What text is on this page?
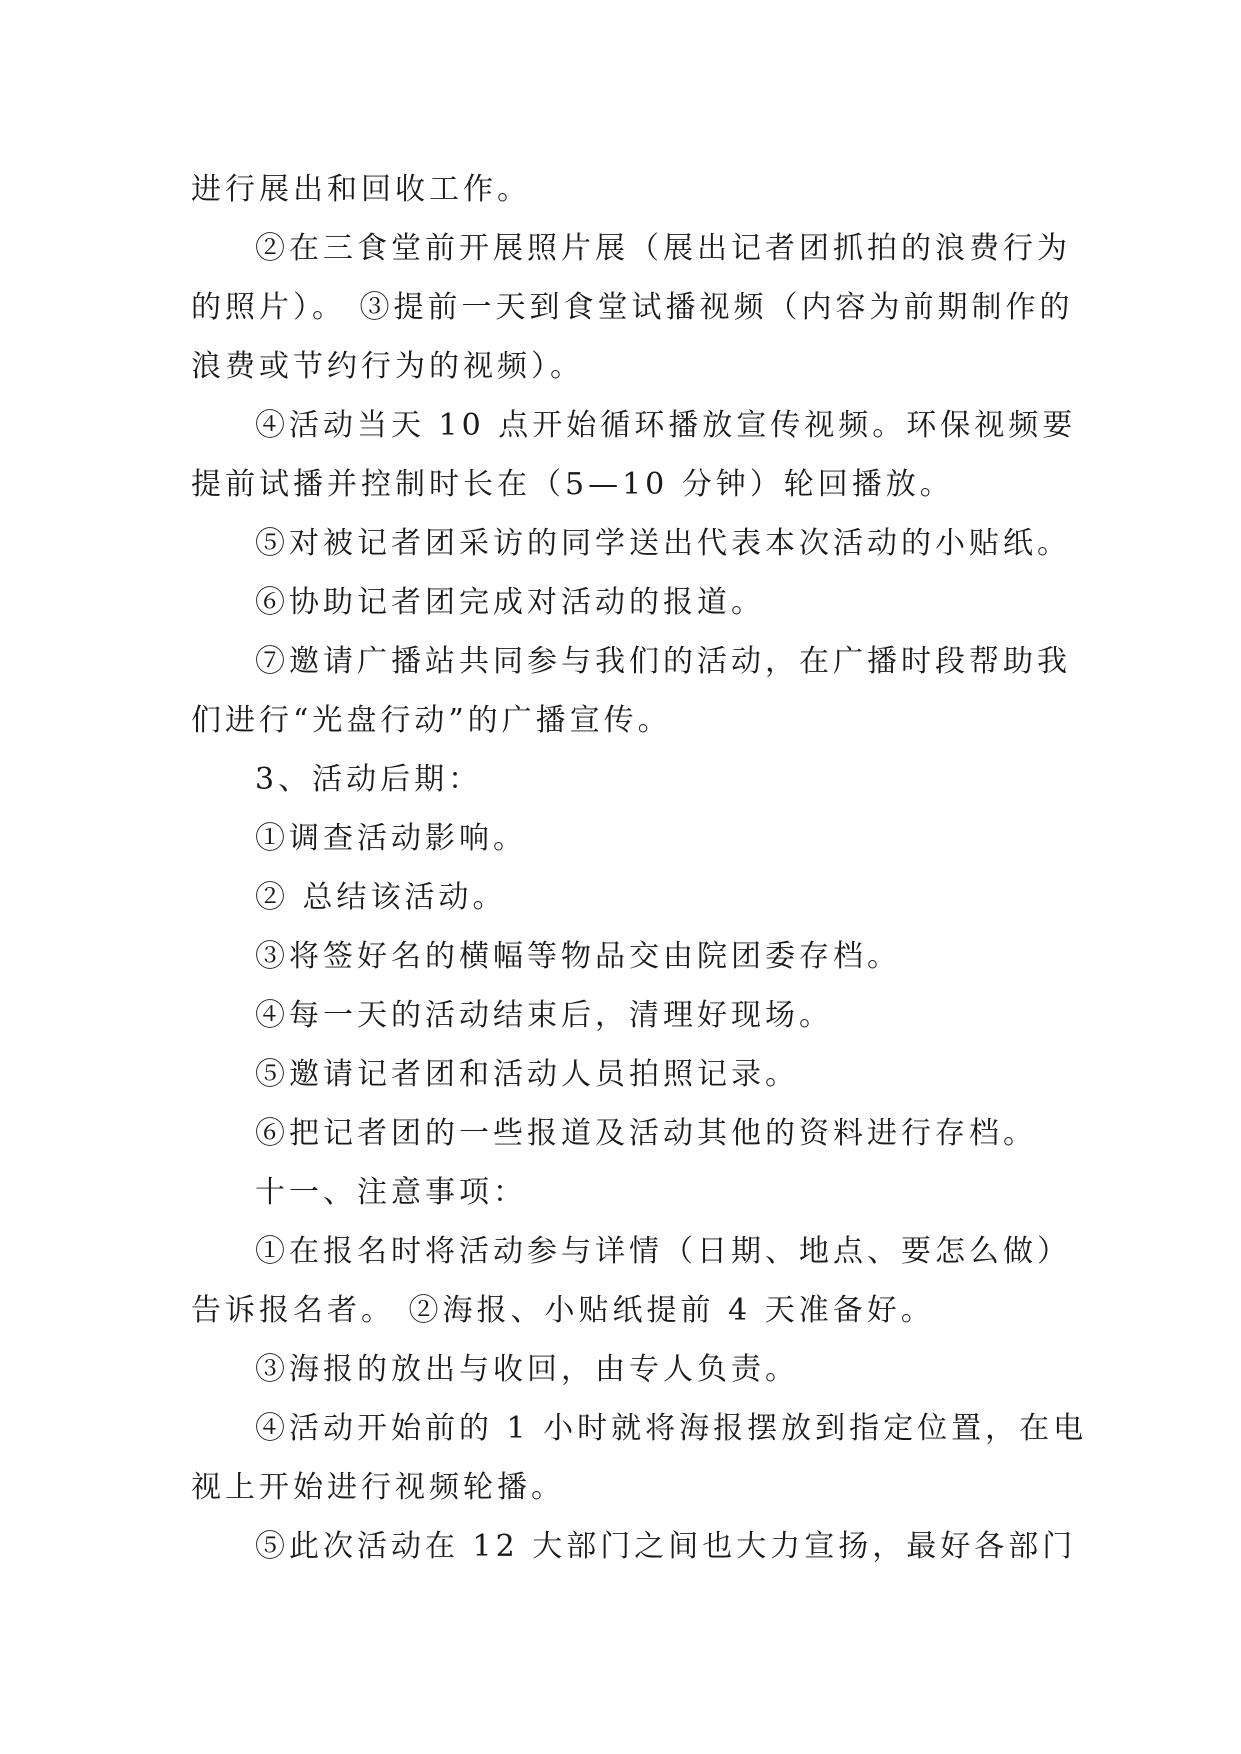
进行展出和回收工作。
②在三食堂前开展照片展（展出记者团抓拍的浪费行为
的照片）。 ③提前一天到食堂试播视频（内容为前期制作的
浪费或节约行为的视频）。
④活动当天 10 点开始循环播放宣传视频。环保视频要
提前试播并控制时长在（5—10 分钟）轮回播放。
⑤对被记者团采访的同学送出代表本次活动的小贴纸。
⑥协助记者团完成对活动的报道。
⑦邀请广播站共同参与我们的活动，在广播时段帮助我
们进行“光盘行动”的广播宣传。
3、活动后期：
①调查活动影响。
② 总结该活动。
③将签好名的横幅等物品交由院团委存档。
④每一天的活动结束后，清理好现场。
⑤邀请记者团和活动人员拍照记录。
⑥把记者团的一些报道及活动其他的资料进行存档。
十一、注意事项：
①在报名时将活动参与详情（日期、地点、要怎么做）
告诉报名者。 ②海报、小贴纸提前 4 天准备好。
③海报的放出与收回，由专人负责。
④活动开始前的 1 小时就将海报摆放到指定位置，在电
视上开始进行视频轮播。
⑤此次活动在 12 大部门之间也大力宣扬，最好各部门
